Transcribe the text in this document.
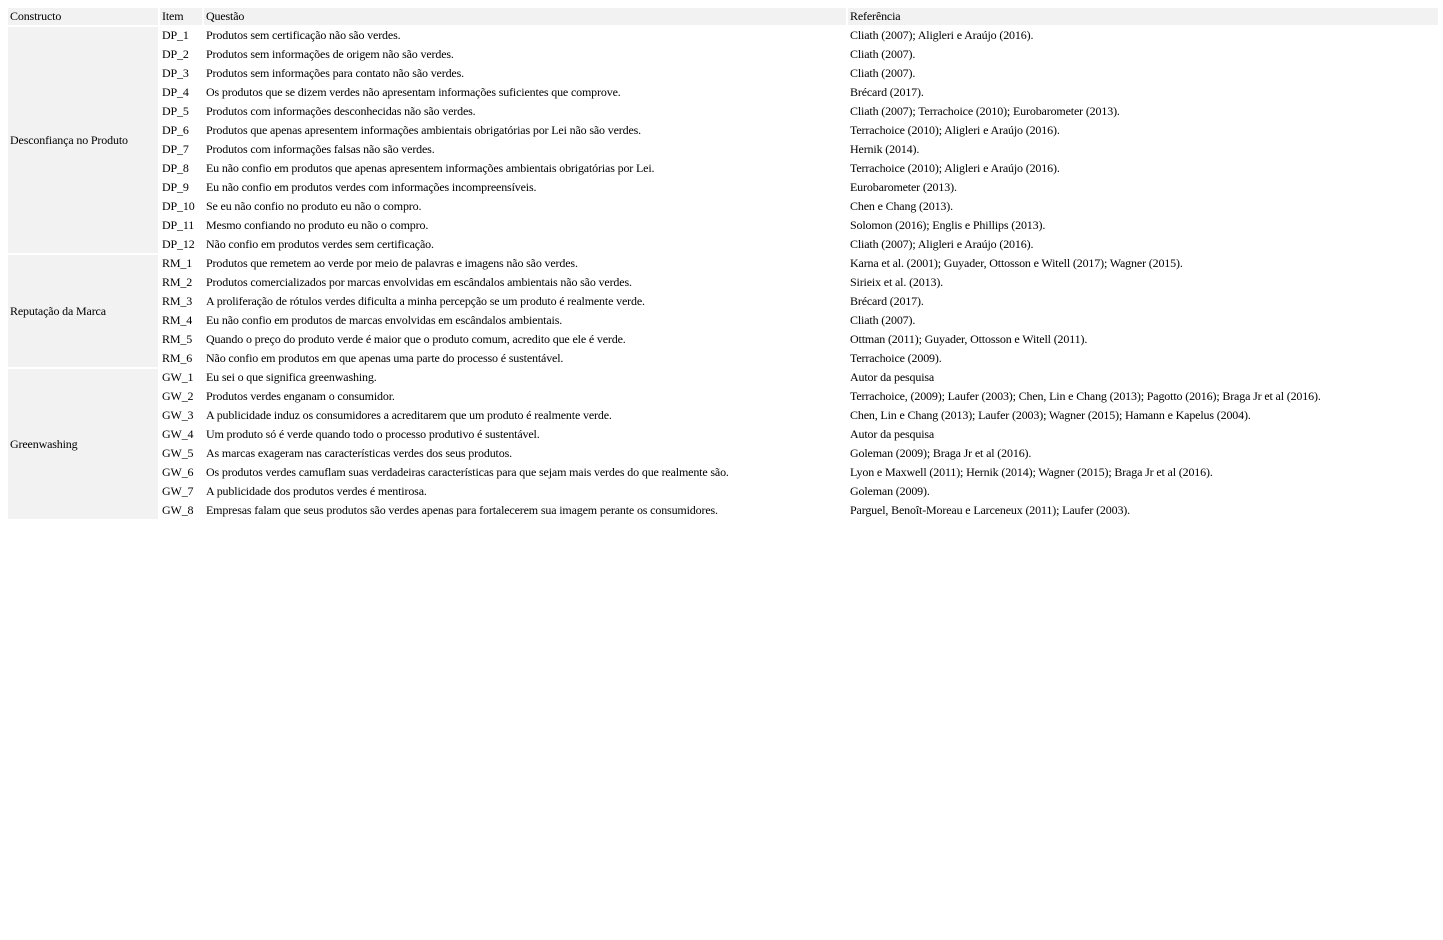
Constructo	Item	Questão	Referência
Desconfiança no Produto	DP_1	Produtos sem certificação não são verdes.	Cliath (2007); Aligleri e Araújo (2016).
	DP_2	Produtos sem informações de origem não são verdes.	Cliath (2007).
	DP_3	Produtos sem informações para contato não são verdes.	Cliath (2007).
	DP_4	Os produtos que se dizem verdes não apresentam informações suficientes que comprove.	Brécard (2017).
	DP_5	Produtos com informações desconhecidas não são verdes.	Cliath (2007); Terrachoice (2010); Eurobarometer (2013).
	DP_6	Produtos que apenas apresentem informações ambientais obrigatórias por Lei não são verdes.	Terrachoice (2010); Aligleri e Araújo (2016).
	DP_7	Produtos com informações falsas não são verdes.	Hernik (2014).
	DP_8	Eu não confio em produtos que apenas apresentem informações ambientais obrigatórias por Lei.	Terrachoice (2010); Aligleri e Araújo (2016).
	DP_9	Eu não confio em produtos verdes com informações incompreensíveis.	Eurobarometer (2013).
	DP_10	Se eu não confio no produto eu não o compro.	Chen e Chang (2013).
	DP_11	Mesmo confiando no produto eu não o compro.	Solomon (2016); Englis e Phillips (2013).
	DP_12	Não confio em produtos verdes sem certificação.	Cliath (2007); Aligleri e Araújo (2016).
Reputação da Marca	RM_1	Produtos que remetem ao verde por meio de palavras e imagens não são verdes.	Karna et al. (2001); Guyader, Ottosson e Witell (2017); Wagner (2015).
	RM_2	Produtos comercializados por marcas envolvidas em escândalos ambientais não são verdes.	Sirieix et al. (2013).
	RM_3	A proliferação de rótulos verdes dificulta a minha percepção se um produto é realmente verde.	Brécard (2017).
	RM_4	Eu não confio em produtos de marcas envolvidas em escândalos ambientais.	Cliath (2007).
	RM_5	Quando o preço do produto verde é maior que o produto comum, acredito que ele é verde.	Ottman (2011); Guyader, Ottosson e Witell (2011).
	RM_6	Não confio em produtos em que apenas uma parte do processo é sustentável.	Terrachoice (2009).
Greenwashing	GW_1	Eu sei o que significa greenwashing.	Autor da pesquisa
	GW_2	Produtos verdes enganam o consumidor.	Terrachoice, (2009); Laufer (2003); Chen, Lin e Chang (2013); Pagotto (2016); Braga Jr et al (2016).
	GW_3	A publicidade induz os consumidores a acreditarem que um produto é realmente verde.	Chen, Lin e Chang (2013); Laufer (2003); Wagner (2015); Hamann e Kapelus (2004).
	GW_4	Um produto só é verde quando todo o processo produtivo é sustentável.	Autor da pesquisa
	GW_5	As marcas exageram nas características verdes dos seus produtos.	Goleman (2009); Braga Jr et al (2016).
	GW_6	Os produtos verdes camuflam suas verdadeiras características para que sejam mais verdes do que realmente são.	Lyon e Maxwell (2011); Hernik (2014); Wagner (2015); Braga Jr et al (2016).
	GW_7	A publicidade dos produtos verdes é mentirosa.	Goleman (2009).
	GW_8	Empresas falam que seus produtos são verdes apenas para fortalecerem sua imagem perante os consumidores.	Parguel, Benoît-Moreau e Larceneux (2011); Laufer (2003).
